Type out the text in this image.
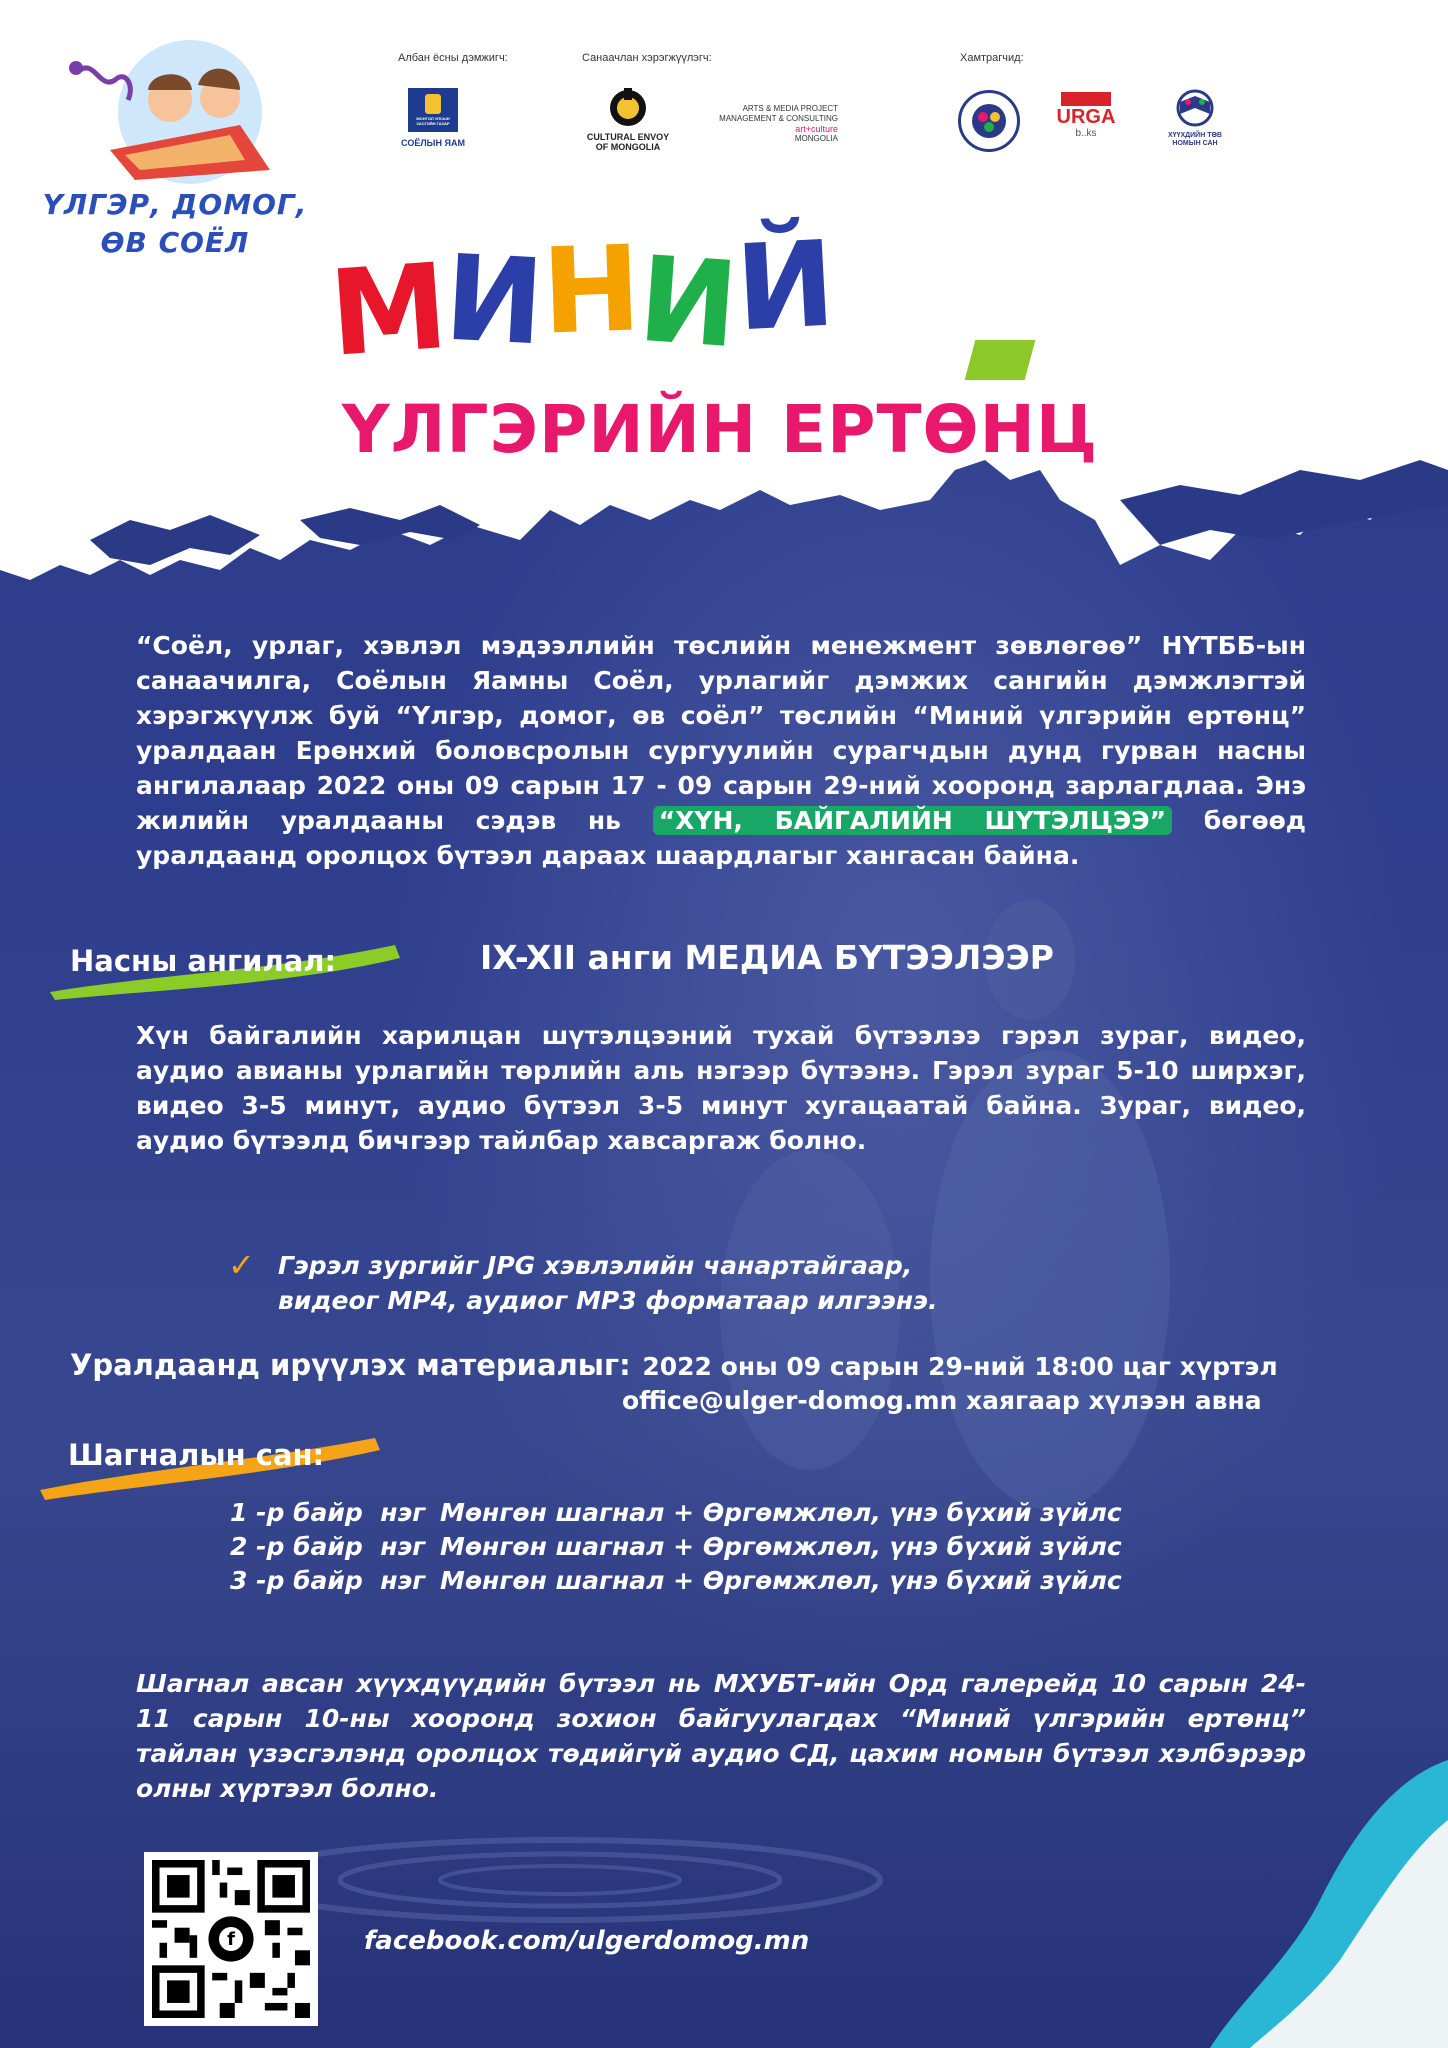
ҮЛГЭР, ДОМОГ,
ӨВ СОЁЛ
Албан ёсны дэмжигч:	Санаачлан хэрэгжүүлэгч:	Хамтрагчид:
МОНГОЛ УЛСЫН ЗАСГИЙН ГАЗАР
СОЁЛЫН ЯАМ
CULTURAL ENVOY
OF MONGOLIA
ARTS & MEDIA PROJECT
MANAGEMENT & CONSULTING
art+culture
MONGOLIA
URGA
b..ks	ХҮҮХДИЙН ТӨВ
НОМЫН САН
МИНИЙ
ҮЛГЭРИЙН ЕРТӨНЦ
“Соёл, урлаг, хэвлэл мэдээллийн төслийн менежмент зөвлөгөө” НҮТББ-ын санаачилга, Соёлын Яамны Соёл, урлагийг дэмжих сангийн дэмжлэгтэй хэрэгжүүлж буй “Үлгэр, домог, өв соёл” төслийн “Миний үлгэрийн ертөнц” уралдаан Ерөнхий боловсролын сургуулийн сурагчдын дунд гурван насны ангилалаар 2022 оны 09 сарын 17 - 09 сарын 29-ний хооронд зарлагдлаа. Энэ жилийн уралдааны сэдэв нь “ХҮН, БАЙГАЛИЙН ШҮТЭЛЦЭЭ” бөгөөд уралдаанд оролцох бүтээл дараах шаардлагыг хангасан байна.
Насны ангилал:	IX-XII анги МЕДИА БҮТЭЭЛЭЭР
Хүн байгалийн харилцан шүтэлцээний тухай бүтээлээ гэрэл зураг, видео, аудио авианы урлагийн төрлийн аль нэгээр бүтээнэ. Гэрэл зураг 5-10 ширхэг, видео 3-5 минут, аудио бүтээл 3-5 минут хугацаатай байна. Зураг, видео, аудио бүтээлд бичгээр тайлбар хавсаргаж болно.
✓ Гэрэл зургийг JPG хэвлэлийн чанартайгаар,
видеог MP4, аудиог MP3 форматаар илгээнэ.
Уралдаанд ирүүлэх материалыг: 2022 оны 09 сарын 29-ний 18:00 цаг хүртэл
office@ulger-domog.mn хаягаар хүлээн авна
Шагналын сан:
1 -р байр  нэг Мөнгөн шагнал + Өргөмжлөл, үнэ бүхий зүйлс
2 -р байр  нэг Мөнгөн шагнал + Өргөмжлөл, үнэ бүхий зүйлс
3 -р байр  нэг Мөнгөн шагнал + Өргөмжлөл, үнэ бүхий зүйлс
Шагнал авсан хүүхдүүдийн бүтээл нь МХУБТ-ийн Орд галерейд 10 сарын 24- 11 сарын 10-ны хооронд зохион байгуулагдах “Миний үлгэрийн ертөнц” тайлан үзэсгэлэнд оролцох төдийгүй аудио СД, цахим номын бүтээл хэлбэрээр олны хүртээл болно.
f	facebook.com/ulgerdomog.mn
